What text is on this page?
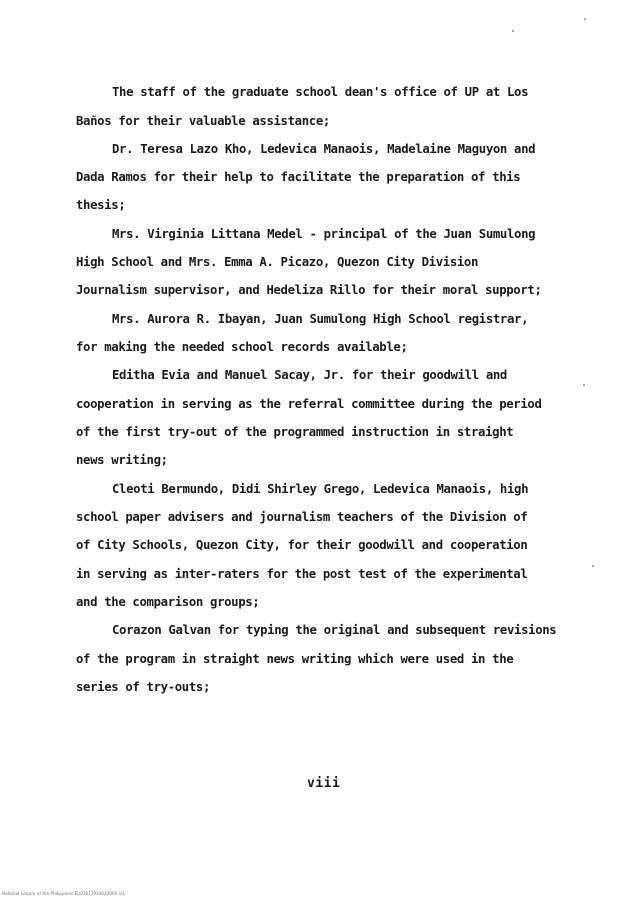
The staff of the graduate school dean's office of UP at Los

Baños for their valuable assistance;

Dr. Teresa Lazo Kho, Ledevica Manaois, Madelaine Maguyon and

Dada Ramos for their help to facilitate the preparation of this

thesis;

Mrs. Virginia Littana Medel - principal of the Juan Sumulong

High School and Mrs. Emma A. Picazo, Quezon City Division

Journalism supervisor, and Hedeliza Rillo for their moral support;

Mrs. Aurora R. Ibayan, Juan Sumulong High School registrar,

for making the needed school records available;

Editha Evia and Manuel Sacay, Jr. for their goodwill and

cooperation in serving as the referral committee during the period

of the first try-out of the programmed instruction in straight

news writing;

Cleoti Bermundo, Didi Shirley Grego, Ledevica Manaois, high

school paper advisers and journalism teachers of the Division of

of City Schools, Quezon City, for their goodwill and cooperation

in serving as inter-raters for the post test of the experimental

and the comparison groups;

Corazon Galvan for typing the original and subsequent revisions

of the program in straight news writing which were used in the

series of try-outs;

viii
National Library of the Philippines EU07672934020000 1i1
